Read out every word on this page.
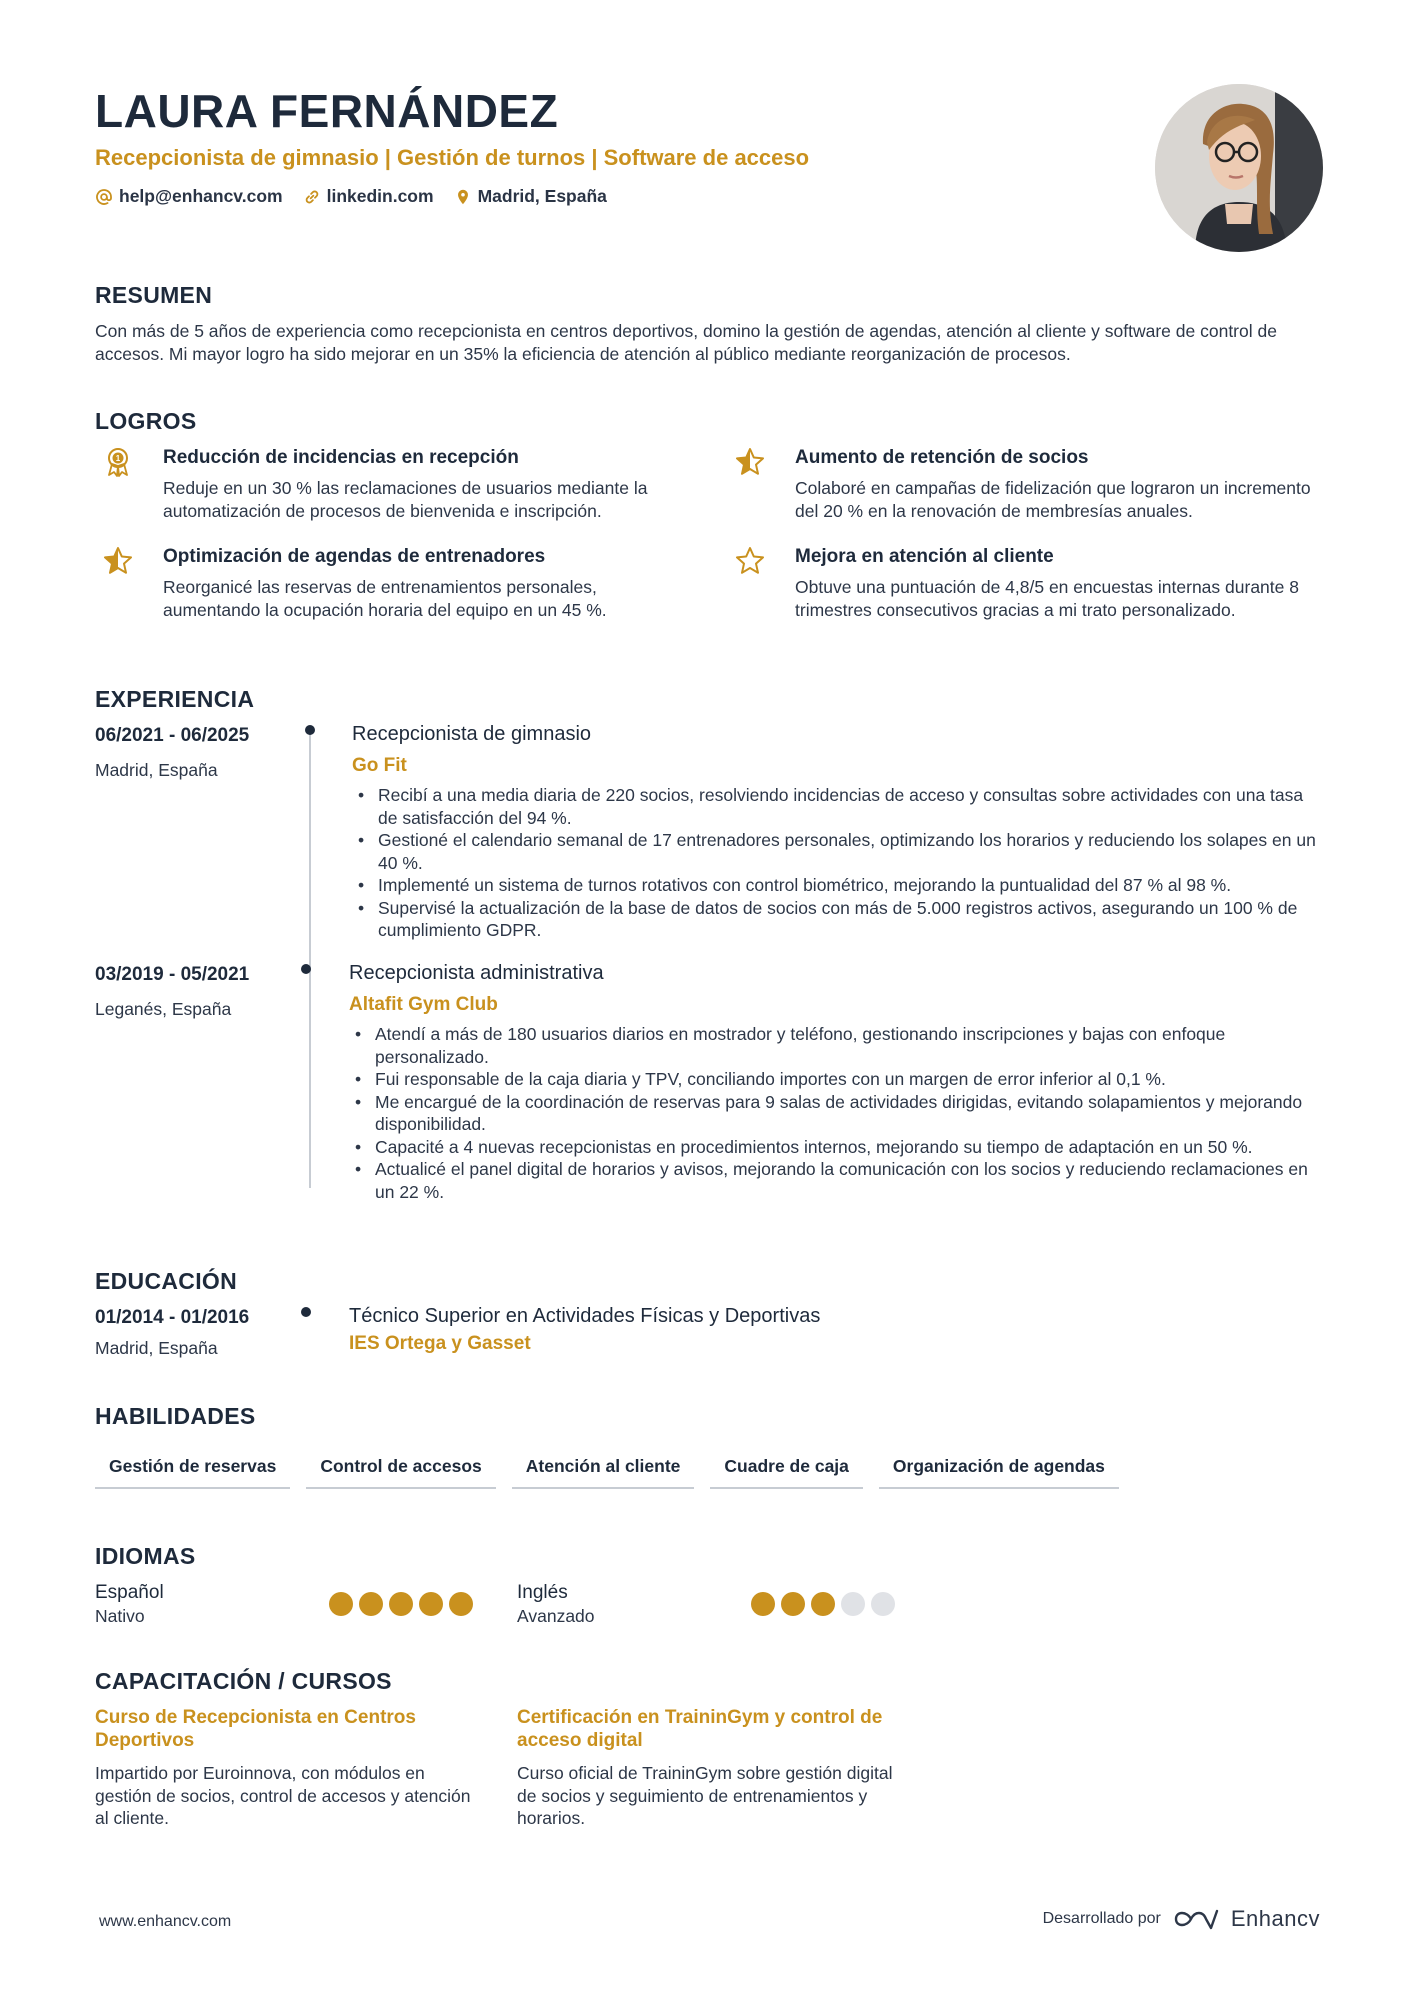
LAURA FERNÁNDEZ
Recepcionista de gimnasio | Gestión de turnos | Software de acceso
help@enhancv.com	linkedin.com	Madrid, España
RESUMEN
Con más de 5 años de experiencia como recepcionista en centros deportivos, domino la gestión de agendas, atención al cliente y software de control de accesos. Mi mayor logro ha sido mejorar en un 35% la eficiencia de atención al público mediante reorganización de procesos.
LOGROS
1 Reducción de incidencias en recepción
Reduje en un 30 % las reclamaciones de usuarios mediante la automatización de procesos de bienvenida e inscripción.
Aumento de retención de socios
Colaboré en campañas de fidelización que lograron un incremento del 20 % en la renovación de membresías anuales.
Optimización de agendas de entrenadores
Reorganicé las reservas de entrenamientos personales, aumentando la ocupación horaria del equipo en un 45 %.
Mejora en atención al cliente
Obtuve una puntuación de 4,8/5 en encuestas internas durante 8 trimestres consecutivos gracias a mi trato personalizado.
EXPERIENCIA
06/2021 - 06/2025
Madrid, España
Recepcionista de gimnasio
Go Fit
• Recibí a una media diaria de 220 socios, resolviendo incidencias de acceso y consultas sobre actividades con una tasa de satisfacción del 94 %.
• Gestioné el calendario semanal de 17 entrenadores personales, optimizando los horarios y reduciendo los solapes en un 40 %.
• Implementé un sistema de turnos rotativos con control biométrico, mejorando la puntualidad del 87 % al 98 %.
• Supervisé la actualización de la base de datos de socios con más de 5.000 registros activos, asegurando un 100 % de cumplimiento GDPR.
03/2019 - 05/2021
Leganés, España
Recepcionista administrativa
Altafit Gym Club
• Atendí a más de 180 usuarios diarios en mostrador y teléfono, gestionando inscripciones y bajas con enfoque personalizado.
• Fui responsable de la caja diaria y TPV, conciliando importes con un margen de error inferior al 0,1 %.
• Me encargué de la coordinación de reservas para 9 salas de actividades dirigidas, evitando solapamientos y mejorando disponibilidad.
• Capacité a 4 nuevas recepcionistas en procedimientos internos, mejorando su tiempo de adaptación en un 50 %.
• Actualicé el panel digital de horarios y avisos, mejorando la comunicación con los socios y reduciendo reclamaciones en un 22 %.
EDUCACIÓN
01/2014 - 01/2016
Madrid, España
Técnico Superior en Actividades Físicas y Deportivas
IES Ortega y Gasset
HABILIDADES
Gestión de reservas	Control de accesos	Atención al cliente	Cuadre de caja	Organización de agendas
IDIOMAS
Español
Nativo
Inglés
Avanzado
CAPACITACIÓN / CURSOS
Curso de Recepcionista en Centros Deportivos
Impartido por Euroinnova, con módulos en gestión de socios, control de accesos y atención al cliente.
Certificación en TraininGym y control de acceso digital
Curso oficial de TraininGym sobre gestión digital de socios y seguimiento de entrenamientos y horarios.
www.enhancv.com	Desarrollado por	Enhancv
